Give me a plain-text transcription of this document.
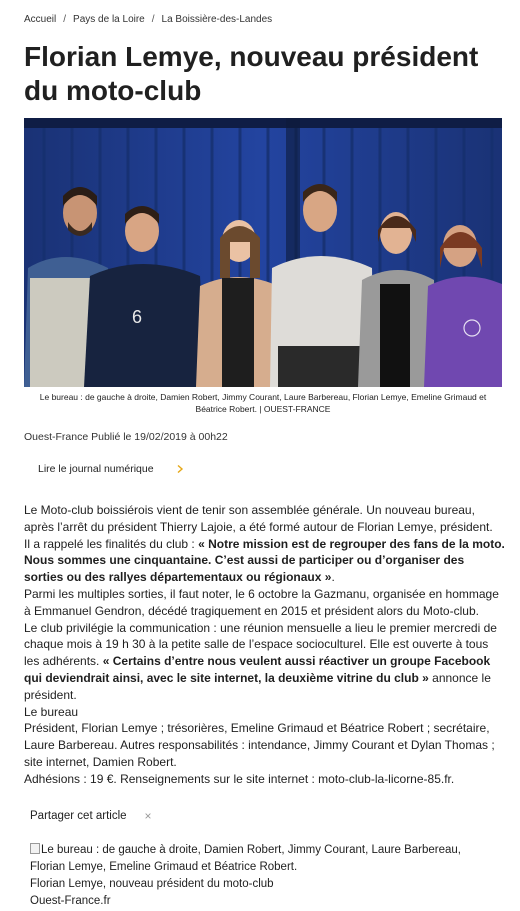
Accueil / Pays de la Loire / La Boissière-des-Landes
Florian Lemye, nouveau président du moto-club
6
Le bureau : de gauche à droite, Damien Robert, Jimmy Courant, Laure Barbereau, Florian Lemye, Emeline Grimaud et Béatrice Robert. | OUEST-FRANCE
Ouest-France Publié le 19/02/2019 à 00h22
Lire le journal numérique

Le Moto-club boissiérois vient de tenir son assemblée générale. Un nouveau bureau, après l’arrêt du président Thierry Lajoie, a été formé autour de Florian Lemye, président.

Il a rappelé les finalités du club : « Notre mission est de regrouper des fans de la moto. Nous sommes une cinquantaine. C’est aussi de participer ou d’organiser des sorties ou des rallyes départementaux ou régionaux ».

Parmi les multiples sorties, il faut noter, le 6 octobre la Gazmanu, organisée en hommage à Emmanuel Gendron, décédé tragiquement en 2015 et président alors du Moto-club.

Le club privilégie la communication : une réunion mensuelle a lieu le premier mercredi de chaque mois à 19 h 30 à la petite salle de l’espace socioculturel. Elle est ouverte à tous les adhérents. « Certains d’entre nous veulent aussi réactiver un groupe Facebook qui deviendrait ainsi, avec le site internet, la deuxième vitrine du club » annonce le président.

Le bureau

Président, Florian Lemye ; trésorières, Emeline Grimaud et Béatrice Robert ; secrétaire, Laure Barbereau. Autres responsabilités : intendance, Jimmy Courant et Dylan Thomas ; site internet, Damien Robert.

Adhésions : 19 €. Renseignements sur le site internet : moto-club-la-licorne-85.fr.

Partager cet article ×

Le bureau : de gauche à droite, Damien Robert, Jimmy Courant, Laure Barbereau, Florian Lemye, Emeline Grimaud et Béatrice Robert.

Florian Lemye, nouveau président du moto-club

Ouest-France.fr
